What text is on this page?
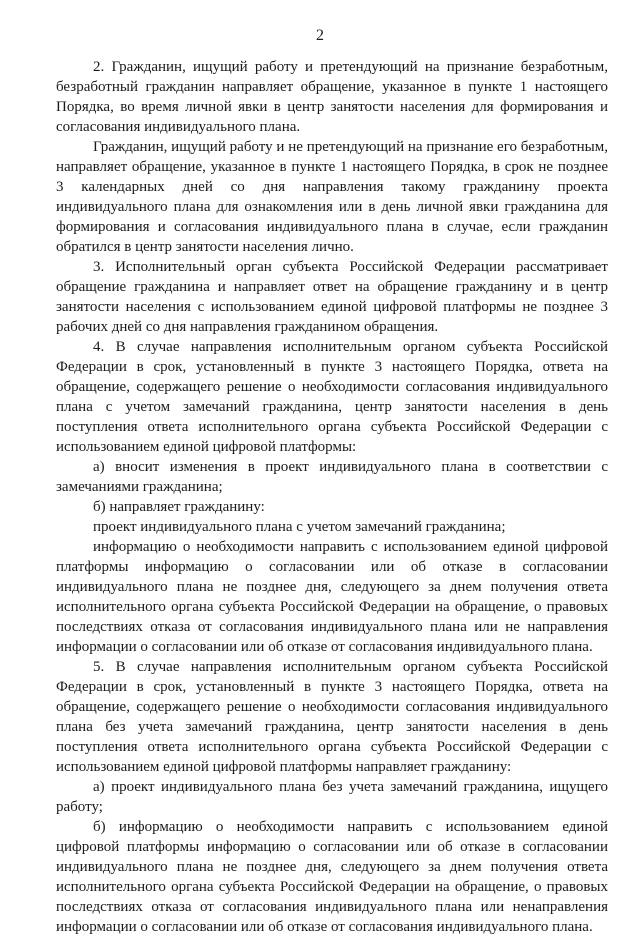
2

2. Гражданин, ищущий работу и претендующий на признание безработным, безработный гражданин направляет обращение, указанное в пункте 1 настоящего Порядка, во время личной явки в центр занятости населения для формирования и согласования индивидуального плана.

Гражданин, ищущий работу и не претендующий на признание его безработным, направляет обращение, указанное в пункте 1 настоящего Порядка, в срок не позднее 3 календарных дней со дня направления такому гражданину проекта индивидуального плана для ознакомления или в день личной явки гражданина для формирования и согласования индивидуального плана в случае, если гражданин обратился в центр занятости населения лично.

3. Исполнительный орган субъекта Российской Федерации рассматривает обращение гражданина и направляет ответ на обращение гражданину и в центр занятости населения с использованием единой цифровой платформы не позднее 3 рабочих дней со дня направления гражданином обращения.

4. В случае направления исполнительным органом субъекта Российской Федерации в срок, установленный в пункте 3 настоящего Порядка, ответа на обращение, содержащего решение о необходимости согласования индивидуального плана с учетом замечаний гражданина, центр занятости населения в день поступления ответа исполнительного органа субъекта Российской Федерации с использованием единой цифровой платформы:

а) вносит изменения в проект индивидуального плана в соответствии с замечаниями гражданина;

б) направляет гражданину:

проект индивидуального плана с учетом замечаний гражданина;

информацию о необходимости направить с использованием единой цифровой платформы информацию о согласовании или об отказе в согласовании индивидуального плана не позднее дня, следующего за днем получения ответа исполнительного органа субъекта Российской Федерации на обращение, о правовых последствиях отказа от согласования индивидуального плана или не направления информации о согласовании или об отказе от согласования индивидуального плана.

5. В случае направления исполнительным органом субъекта Российской Федерации в срок, установленный в пункте 3 настоящего Порядка, ответа на обращение, содержащего решение о необходимости согласования индивидуального плана без учета замечаний гражданина, центр занятости населения в день поступления ответа исполнительного органа субъекта Российской Федерации с использованием единой цифровой платформы направляет гражданину:

а) проект индивидуального плана без учета замечаний гражданина, ищущего работу;

б) информацию о необходимости направить с использованием единой цифровой платформы информацию о согласовании или об отказе в согласовании индивидуального плана не позднее дня, следующего за днем получения ответа исполнительного органа субъекта Российской Федерации на обращение, о правовых последствиях отказа от согласования индивидуального плана или ненаправления информации о согласовании или об отказе от согласования индивидуального плана.
